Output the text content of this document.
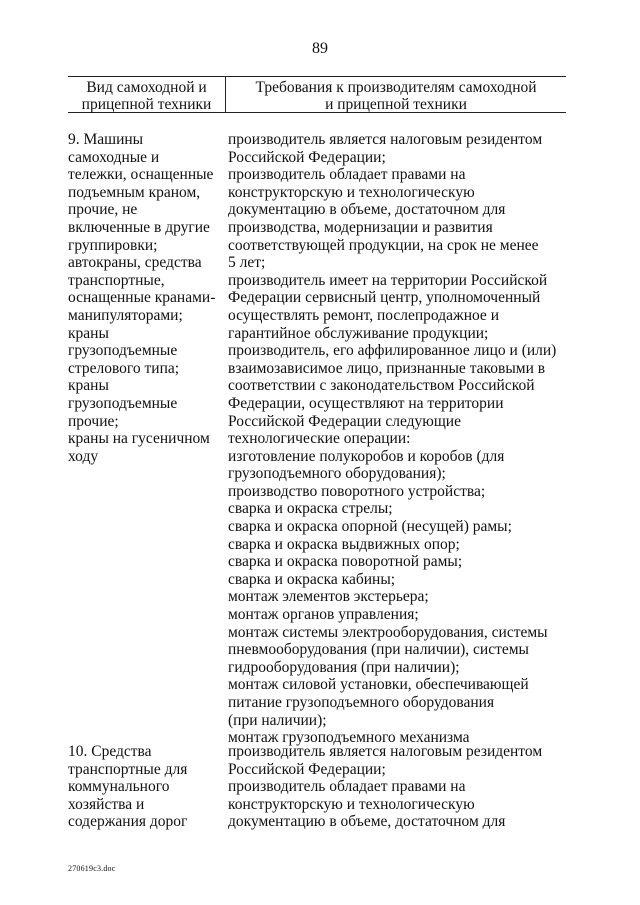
89
Вид самоходной и
прицепной техники
Требования к производителям самоходной
и прицепной техники
9. Машины
самоходные и
тележки, оснащенные
подъемным краном,
прочие, не
включенные в другие
группировки;
автокраны, средства
транспортные,
оснащенные кранами-
манипуляторами;
краны
грузоподъемные
стрелового типа;
краны
грузоподъемные
прочие;
краны на гусеничном
ходу
производитель является налоговым резидентом
Российской Федерации;
производитель обладает правами на
конструкторскую и технологическую
документацию в объеме, достаточном для
производства, модернизации и развития
соответствующей продукции, на срок не менее
5 лет;
производитель имеет на территории Российской
Федерации сервисный центр, уполномоченный
осуществлять ремонт, послепродажное и
гарантийное обслуживание продукции;
производитель, его аффилированное лицо и (или)
взаимозависимое лицо, признанные таковыми в
соответствии с законодательством Российской
Федерации, осуществляют на территории
Российской Федерации следующие
технологические операции:
изготовление полукоробов и коробов (для
грузоподъемного оборудования);
производство поворотного устройства;
сварка и окраска стрелы;
сварка и окраска опорной (несущей) рамы;
сварка и окраска выдвижных опор;
сварка и окраска поворотной рамы;
сварка и окраска кабины;
монтаж элементов экстерьера;
монтаж органов управления;
монтаж системы электрооборудования, системы
пневмооборудования (при наличии), системы
гидрооборудования (при наличии);
монтаж силовой установки, обеспечивающей
питание грузоподъемного оборудования
(при наличии);
монтаж грузоподъемного механизма
10. Средства
транспортные для
коммунального
хозяйства и
содержания дорог
производитель является налоговым резидентом
Российской Федерации;
производитель обладает правами на
конструкторскую и технологическую
документацию в объеме, достаточном для
270619c3.doc
